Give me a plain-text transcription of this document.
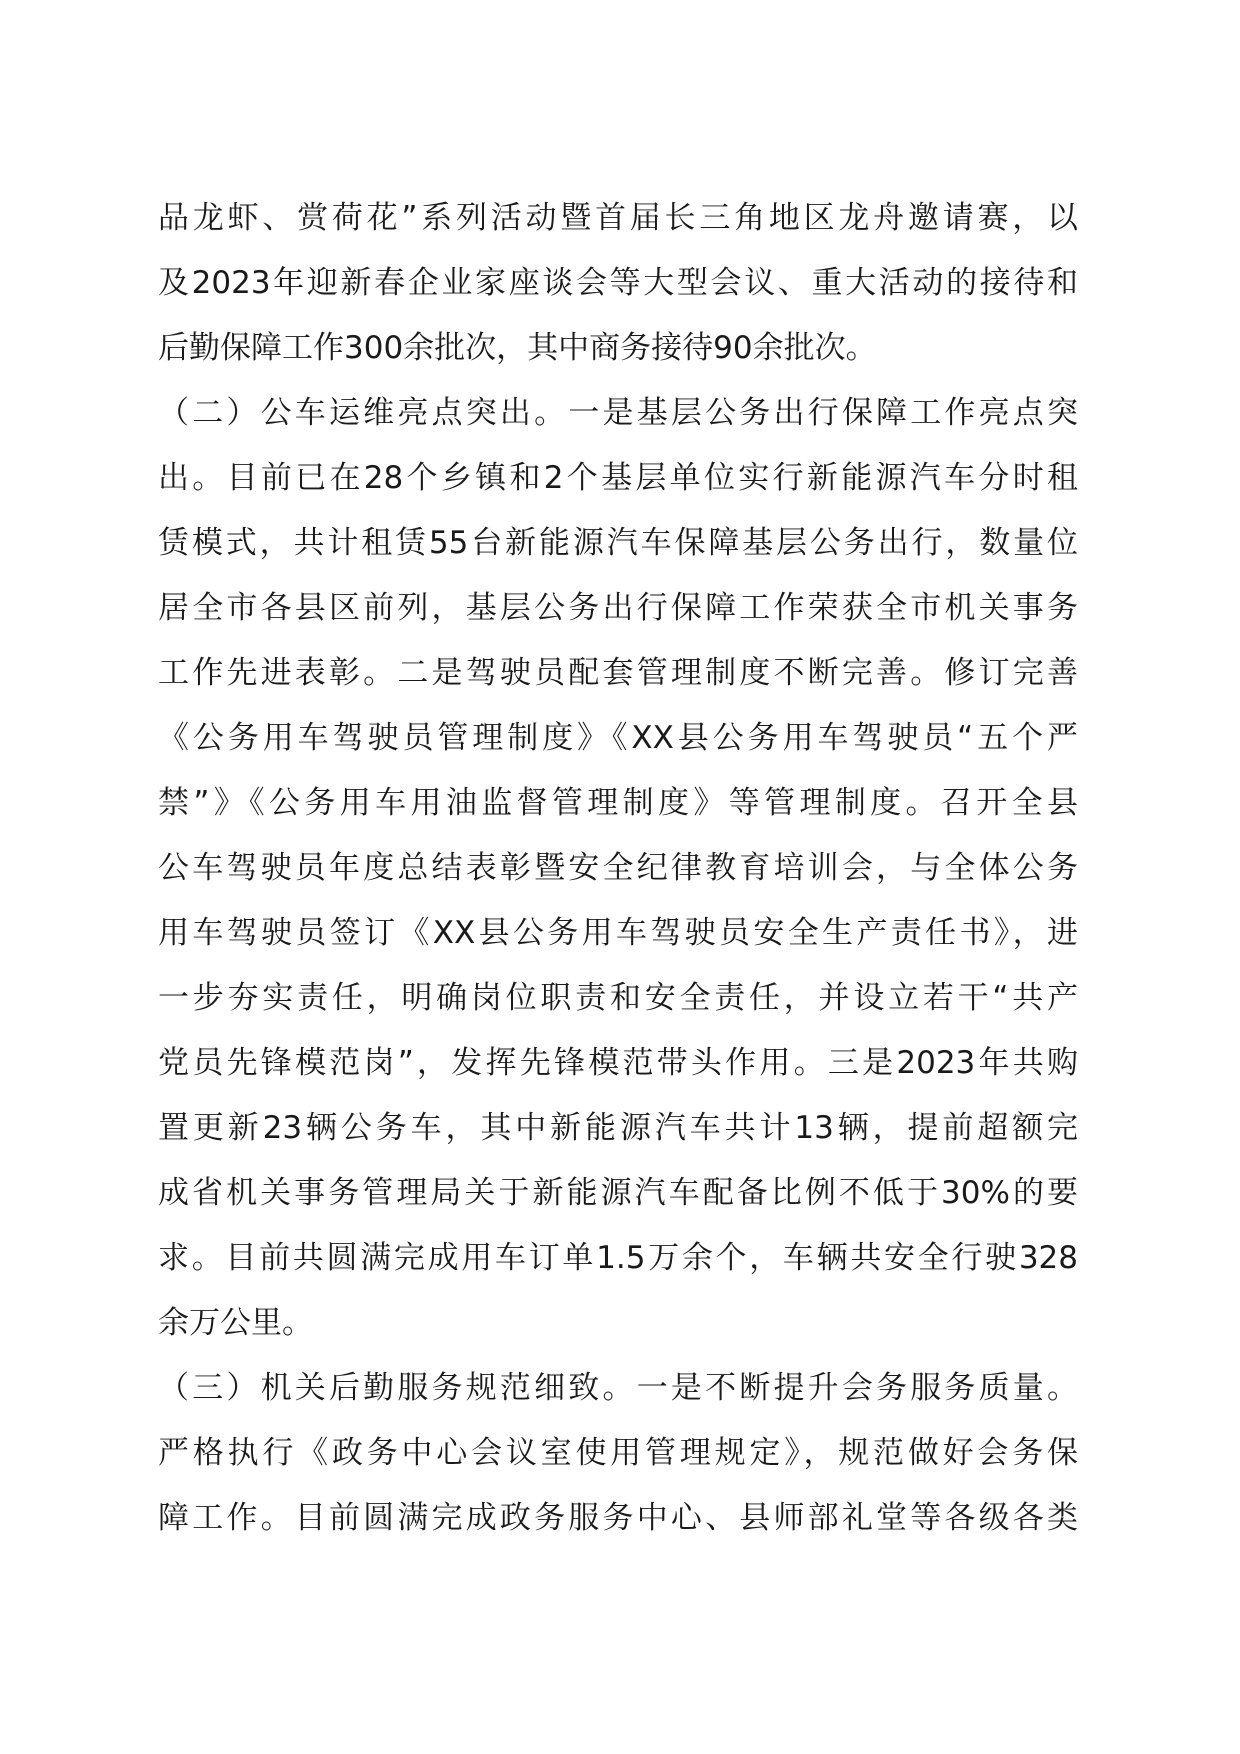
品龙虾、赏荷花”系列活动暨首届长三角地区龙舟邀请赛，以
及2023年迎新春企业家座谈会等大型会议、重大活动的接待和
后勤保障工作300余批次，其中商务接待90余批次。
（二）公车运维亮点突出。一是基层公务出行保障工作亮点突
出。目前已在28个乡镇和2个基层单位实行新能源汽车分时租
赁模式，共计租赁55台新能源汽车保障基层公务出行，数量位
居全市各县区前列，基层公务出行保障工作荣获全市机关事务
工作先进表彰。二是驾驶员配套管理制度不断完善。修订完善
《公务用车驾驶员管理制度》《XX县公务用车驾驶员“五个严
禁”》《公务用车用油监督管理制度》等管理制度。召开全县
公车驾驶员年度总结表彰暨安全纪律教育培训会，与全体公务
用车驾驶员签订《XX县公务用车驾驶员安全生产责任书》，进
一步夯实责任，明确岗位职责和安全责任，并设立若干“共产
党员先锋模范岗”，发挥先锋模范带头作用。三是2023年共购
置更新23辆公务车，其中新能源汽车共计13辆，提前超额完
成省机关事务管理局关于新能源汽车配备比例不低于30%的要
求。目前共圆满完成用车订单1.5万余个，车辆共安全行驶328
余万公里。
（三）机关后勤服务规范细致。一是不断提升会务服务质量。
严格执行《政务中心会议室使用管理规定》，规范做好会务保
障工作。目前圆满完成政务服务中心、县师部礼堂等各级各类
